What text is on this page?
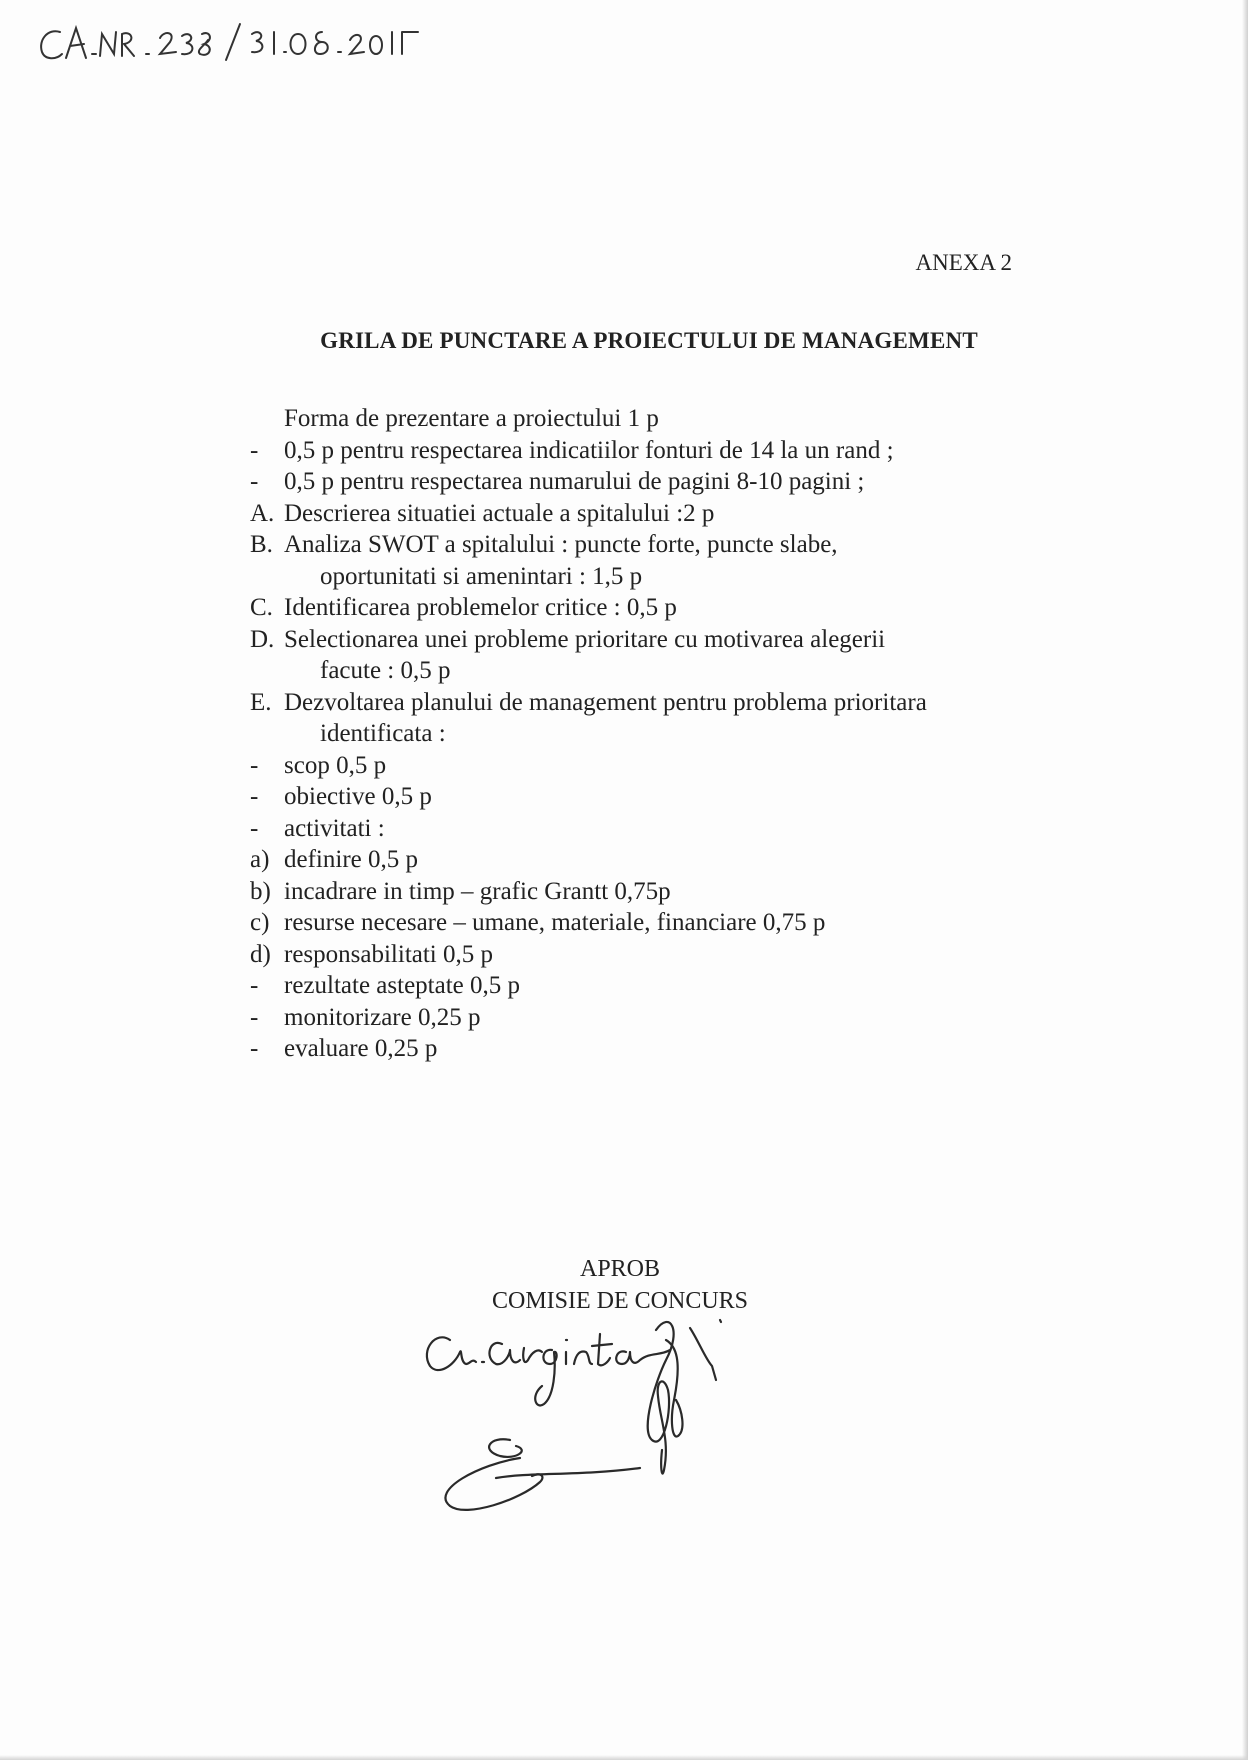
ANEXA 2
GRILA DE PUNCTARE A PROIECTULUI DE MANAGEMENT
Forma de prezentare a proiectului 1 p
- 0,5 p pentru respectarea indicatiilor fonturi de 14 la un rand ;
- 0,5 p pentru respectarea numarului de pagini 8-10 pagini ;
A. Descrierea situatiei actuale a spitalului :2 p
B. Analiza SWOT a spitalului : puncte forte, puncte slabe,
oportunitati si amenintari : 1,5 p
C. Identificarea problemelor critice : 0,5 p
D. Selectionarea unei probleme prioritare cu motivarea alegerii
facute : 0,5 p
E. Dezvoltarea planului de management pentru problema prioritara
identificata :
- scop 0,5 p
- obiective 0,5 p
- activitati :
a) definire 0,5 p
b) incadrare in timp – grafic Grantt 0,75p
c) resurse necesare – umane, materiale, financiare 0,75 p
d) responsabilitati 0,5 p
- rezultate asteptate 0,5 p
- monitorizare 0,25 p
- evaluare 0,25 p
APROB
COMISIE DE CONCURS
